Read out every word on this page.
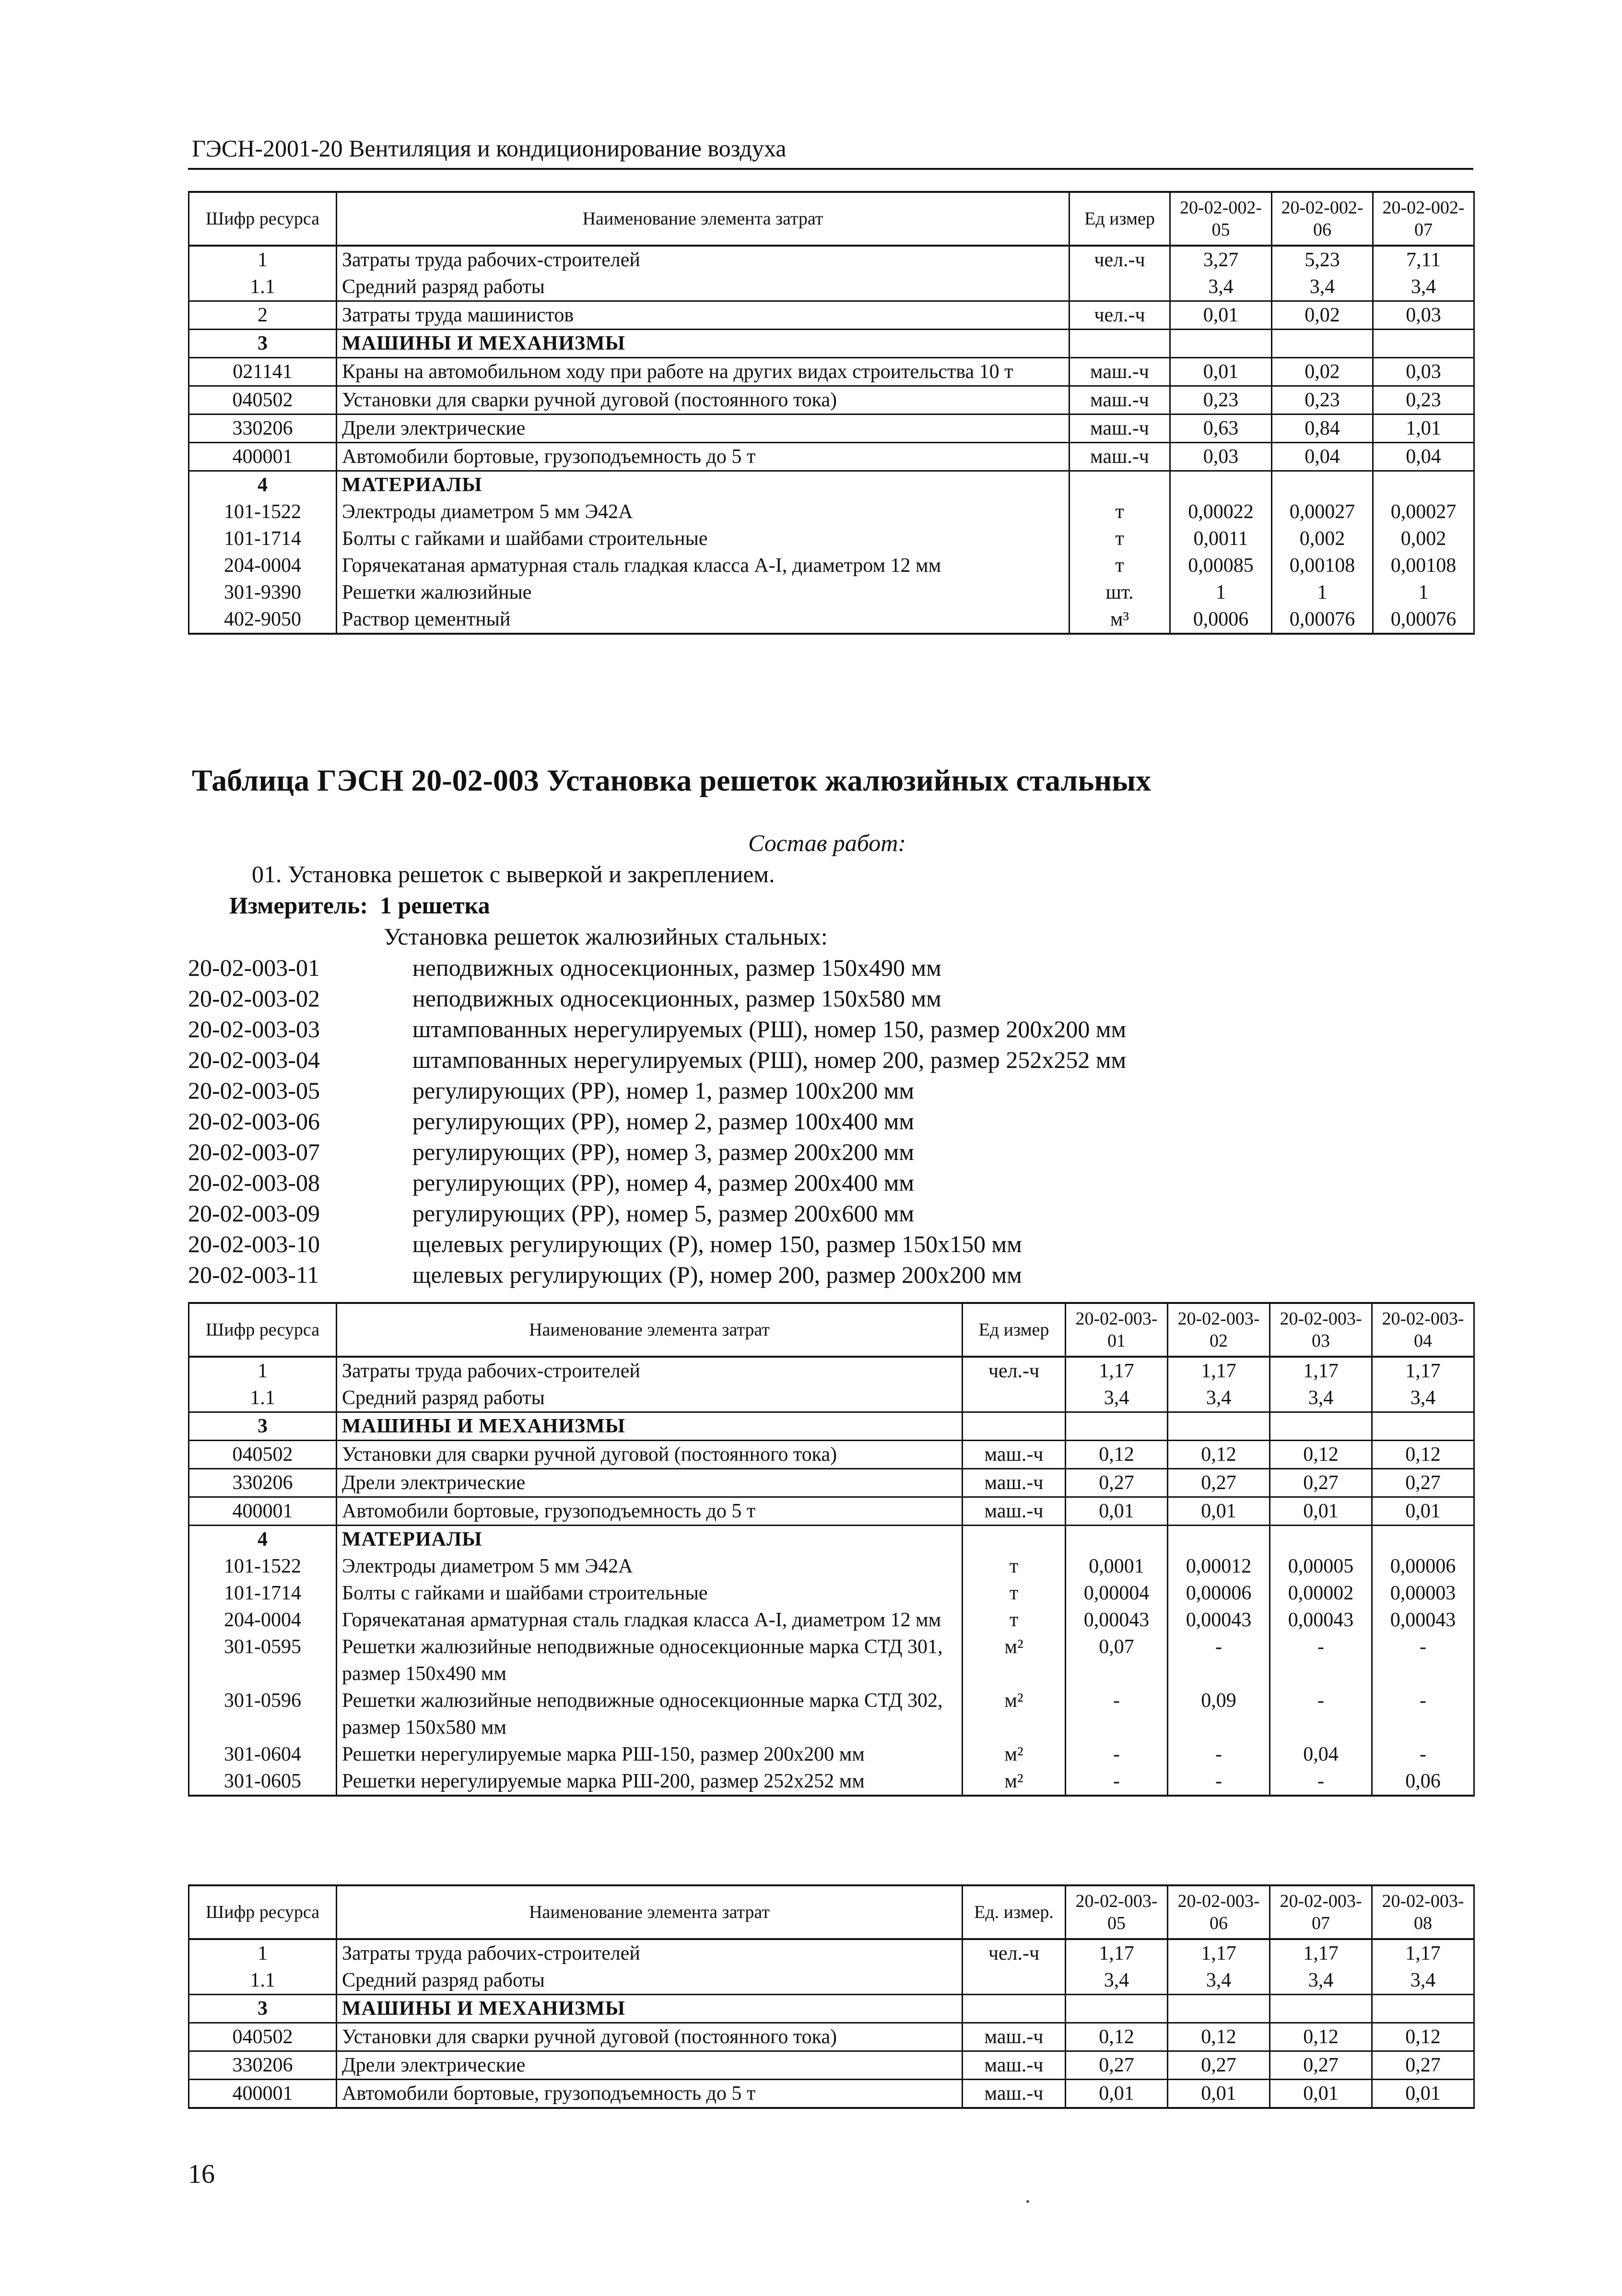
ГЭСН-2001-20 Вентиляция и кондиционирование воздуха
Шифр ресурса	Наименование элемента затрат	Ед измер	20-02-002-05	20-02-002-06	20-02-002-07
1	Затраты труда рабочих-строителей	чел.-ч	3,27	5,23	7,11
1.1	Средний разряд работы		3,4	3,4	3,4
2	Затраты труда машинистов	чел.-ч	0,01	0,02	0,03
3	МАШИНЫ И МЕХАНИЗМЫ				
021141	Краны на автомобильном ходу при работе на других видах строительства 10 т	маш.-ч	0,01	0,02	0,03
040502	Установки для сварки ручной дуговой (постоянного тока)	маш.-ч	0,23	0,23	0,23
330206	Дрели электрические	маш.-ч	0,63	0,84	1,01
400001	Автомобили бортовые, грузоподъемность до 5 т	маш.-ч	0,03	0,04	0,04
4	МАТЕРИАЛЫ				
101-1522	Электроды диаметром 5 мм Э42А	т	0,00022	0,00027	0,00027
101-1714	Болты с гайками и шайбами строительные	т	0,0011	0,002	0,002
204-0004	Горячекатаная арматурная сталь гладкая класса А-I, диаметром 12 мм	т	0,00085	0,00108	0,00108
301-9390	Решетки жалюзийные	шт.	1	1	1
402-9050	Раствор цементный	м³	0,0006	0,00076	0,00076
Таблица ГЭСН 20-02-003 Установка решеток жалюзийных стальных
Состав работ:
01. Установка решеток с выверкой и закреплением.
Измеритель: 1 решетка
Установка решеток жалюзийных стальных:
20-02-003-01	неподвижных односекционных, размер 150х490 мм
20-02-003-02	неподвижных односекционных, размер 150х580 мм
20-02-003-03	штампованных нерегулируемых (РШ), номер 150, размер 200х200 мм
20-02-003-04	штампованных нерегулируемых (РШ), номер 200, размер 252х252 мм
20-02-003-05	регулирующих (РР), номер 1, размер 100х200 мм
20-02-003-06	регулирующих (РР), номер 2, размер 100х400 мм
20-02-003-07	регулирующих (РР), номер 3, размер 200х200 мм
20-02-003-08	регулирующих (РР), номер 4, размер 200х400 мм
20-02-003-09	регулирующих (РР), номер 5, размер 200х600 мм
20-02-003-10	щелевых регулирующих (Р), номер 150, размер 150х150 мм
20-02-003-11	щелевых регулирующих (Р), номер 200, размер 200х200 мм
Шифр ресурса	Наименование элемента затрат	Ед измер	20-02-003-01	20-02-003-02	20-02-003-03	20-02-003-04
1	Затраты труда рабочих-строителей	чел.-ч	1,17	1,17	1,17	1,17
1.1	Средний разряд работы		3,4	3,4	3,4	3,4
3	МАШИНЫ И МЕХАНИЗМЫ					
040502	Установки для сварки ручной дуговой (постоянного тока)	маш.-ч	0,12	0,12	0,12	0,12
330206	Дрели электрические	маш.-ч	0,27	0,27	0,27	0,27
400001	Автомобили бортовые, грузоподъемность до 5 т	маш.-ч	0,01	0,01	0,01	0,01
4	МАТЕРИАЛЫ					
101-1522	Электроды диаметром 5 мм Э42А	т	0,0001	0,00012	0,00005	0,00006
101-1714	Болты с гайками и шайбами строительные	т	0,00004	0,00006	0,00002	0,00003
204-0004	Горячекатаная арматурная сталь гладкая класса А-I, диаметром 12 мм	т	0,00043	0,00043	0,00043	0,00043
301-0595	Решетки жалюзийные неподвижные односекционные марка СТД 301, размер 150х490 мм	м²	0,07	-	-	-
301-0596	Решетки жалюзийные неподвижные односекционные марка СТД 302, размер 150х580 мм	м²	-	0,09	-	-
301-0604	Решетки нерегулируемые марка РШ-150, размер 200х200 мм	м²	-	-	0,04	-
301-0605	Решетки нерегулируемые марка РШ-200, размер 252х252 мм	м²	-	-	-	0,06
Шифр ресурса	Наименование элемента затрат	Ед. измер.	20-02-003-05	20-02-003-06	20-02-003-07	20-02-003-08
1	Затраты труда рабочих-строителей	чел.-ч	1,17	1,17	1,17	1,17
1.1	Средний разряд работы		3,4	3,4	3,4	3,4
3	МАШИНЫ И МЕХАНИЗМЫ					
040502	Установки для сварки ручной дуговой (постоянного тока)	маш.-ч	0,12	0,12	0,12	0,12
330206	Дрели электрические	маш.-ч	0,27	0,27	0,27	0,27
400001	Автомобили бортовые, грузоподъемность до 5 т	маш.-ч	0,01	0,01	0,01	0,01
16
